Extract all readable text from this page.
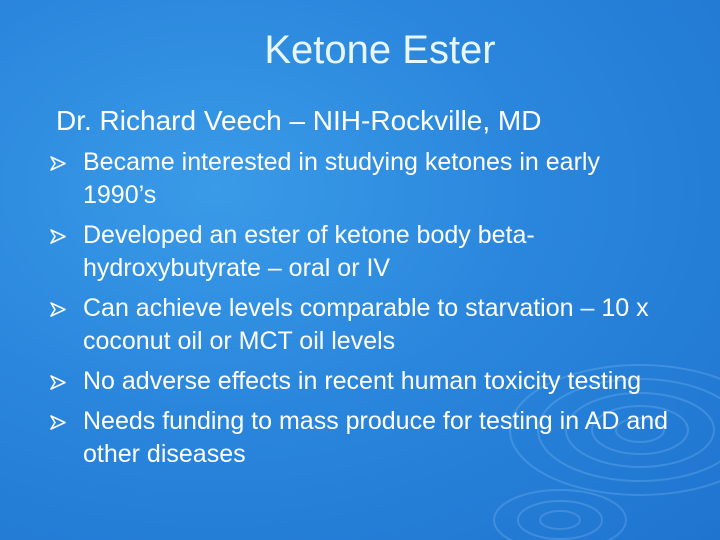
Ketone Ester
Dr. Richard Veech – NIH-Rockville, MD
Became interested in studying ketones in early 1990’s
Developed an ester of ketone body beta-hydroxybutyrate – oral or IV
Can achieve levels comparable to starvation – 10 x coconut oil or MCT oil levels
No adverse effects in recent human toxicity testing
Needs funding to mass produce for testing in AD and other diseases
